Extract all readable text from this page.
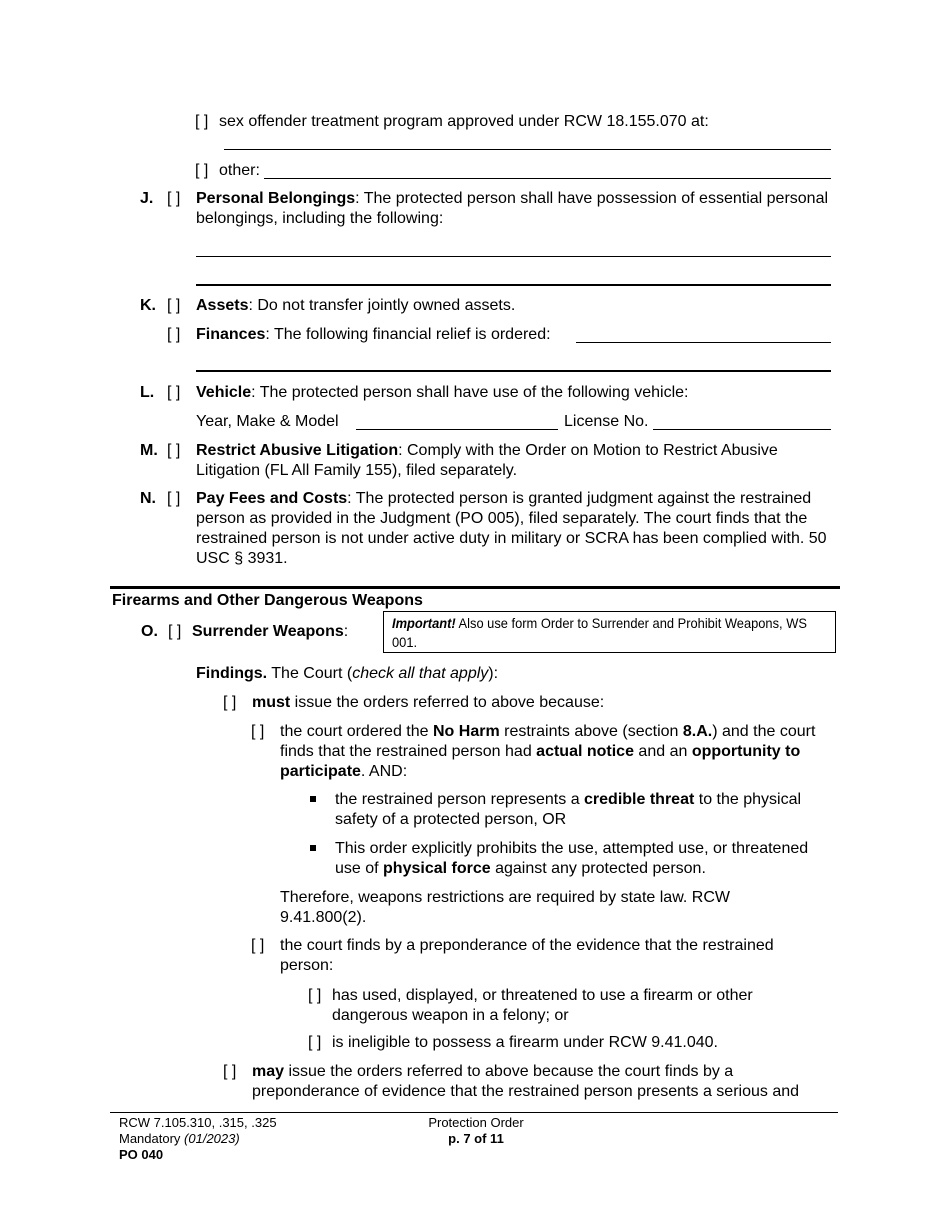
[ ] sex offender treatment program approved under RCW 18.155.070 at:
[ ] other:
J. [ ] Personal Belongings: The protected person shall have possession of essential personal belongings, including the following:
K. [ ] Assets: Do not transfer jointly owned assets.
[ ] Finances: The following financial relief is ordered:
L. [ ] Vehicle: The protected person shall have use of the following vehicle:
Year, Make & Model	License No.
M. [ ] Restrict Abusive Litigation: Comply with the Order on Motion to Restrict Abusive Litigation (FL All Family 155), filed separately.
N. [ ] Pay Fees and Costs: The protected person is granted judgment against the restrained person as provided in the Judgment (PO 005), filed separately. The court finds that the restrained person is not under active duty in military or SCRA has been complied with. 50 USC § 3931.
Firearms and Other Dangerous Weapons
O. [ ] Surrender Weapons:	Important! Also use form Order to Surrender and Prohibit Weapons, WS 001.
Findings. The Court (check all that apply):
[ ] must issue the orders referred to above because:
[ ] the court ordered the No Harm restraints above (section 8.A.) and the court finds that the restrained person had actual notice and an opportunity to participate. AND:
the restrained person represents a credible threat to the physical safety of a protected person, OR
This order explicitly prohibits the use, attempted use, or threatened use of physical force against any protected person.
Therefore, weapons restrictions are required by state law. RCW 9.41.800(2).
[ ] the court finds by a preponderance of the evidence that the restrained person:
[ ] has used, displayed, or threatened to use a firearm or other dangerous weapon in a felony; or
[ ] is ineligible to possess a firearm under RCW 9.41.040.
[ ] may issue the orders referred to above because the court finds by a preponderance of evidence that the restrained person presents a serious and
RCW 7.105.310, .315, .325
Mandatory (01/2023)
PO 040
Protection Order
p. 7 of 11
